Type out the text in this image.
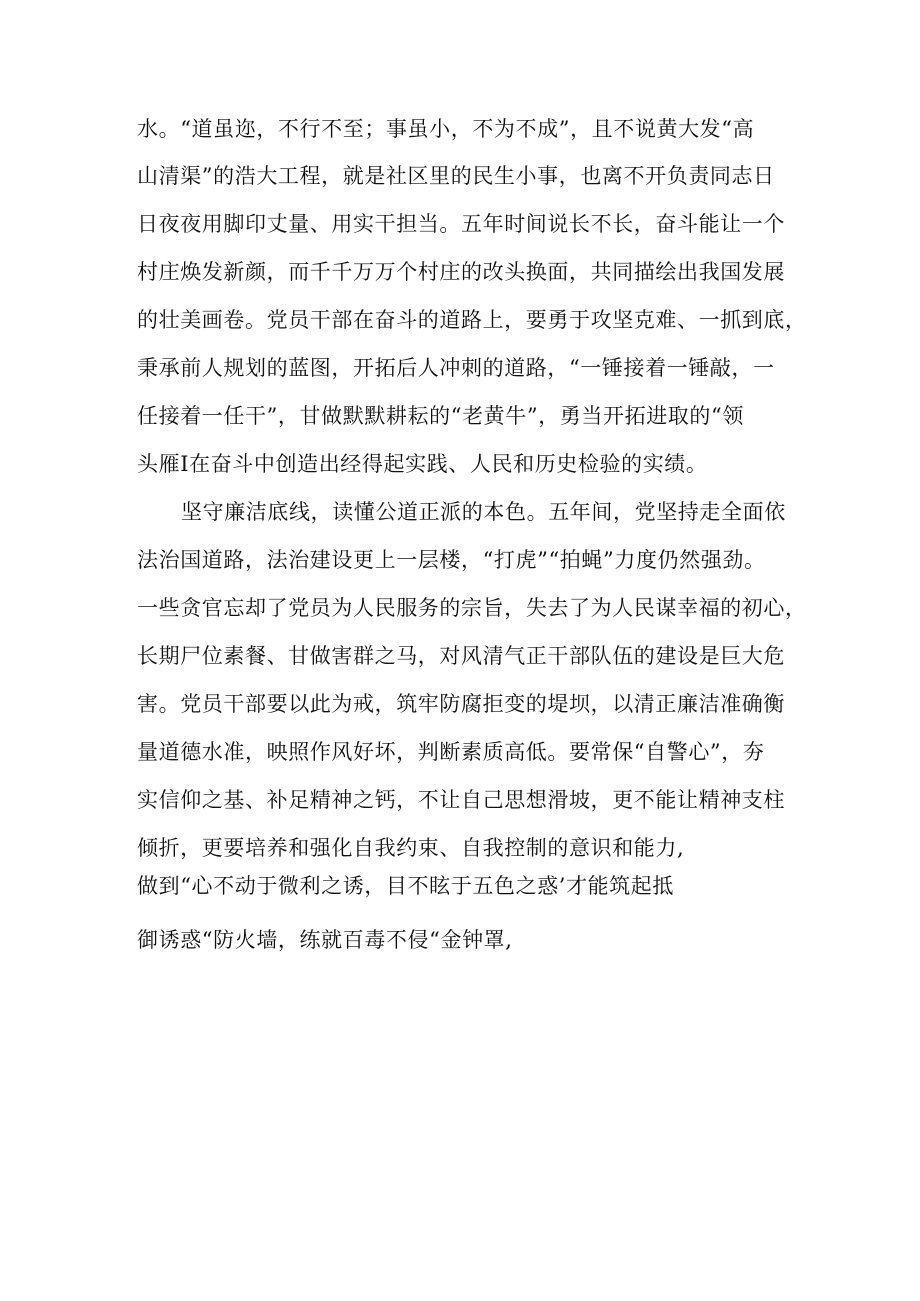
水。“道虽迩，不行不至；事虽小，不为不成”，且不说黄大发“高
山清渠”的浩大工程，就是社区里的民生小事，也离不开负责同志日
日夜夜用脚印丈量、用实干担当。五年时间说长不长，奋斗能让一个
村庄焕发新颜，而千千万万个村庄的改头换面，共同描绘出我国发展
的壮美画卷。党员干部在奋斗的道路上，要勇于攻坚克难、一抓到底，
秉承前人规划的蓝图，开拓后人冲刺的道路，“一锤接着一锤敲，一
任接着一任干”，甘做默默耕耘的“老黄牛”，勇当开拓进取的“领
头雁Ⅰ在奋斗中创造出经得起实践、人民和历史检验的实绩。
坚守廉洁底线，读懂公道正派的本色。五年间，党坚持走全面依
法治国道路，法治建设更上一层楼，“打虎”“拍蝇”力度仍然强劲。
一些贪官忘却了党员为人民服务的宗旨，失去了为人民谋幸福的初心，
长期尸位素餐、甘做害群之马，对风清气正干部队伍的建设是巨大危
害。党员干部要以此为戒，筑牢防腐拒变的堤坝，以清正廉洁准确衡
量道德水准，映照作风好坏，判断素质高低。要常保“自警心”，夯
实信仰之基、补足精神之钙，不让自己思想滑坡，更不能让精神支柱
倾折，更要培养和强化自我约束、自我控制的意识和能力,
做到“心不动于微利之诱，目不眩于五色之惑’才能筑起抵
御诱惑“防火墙，练就百毒不侵“金钟罩,
